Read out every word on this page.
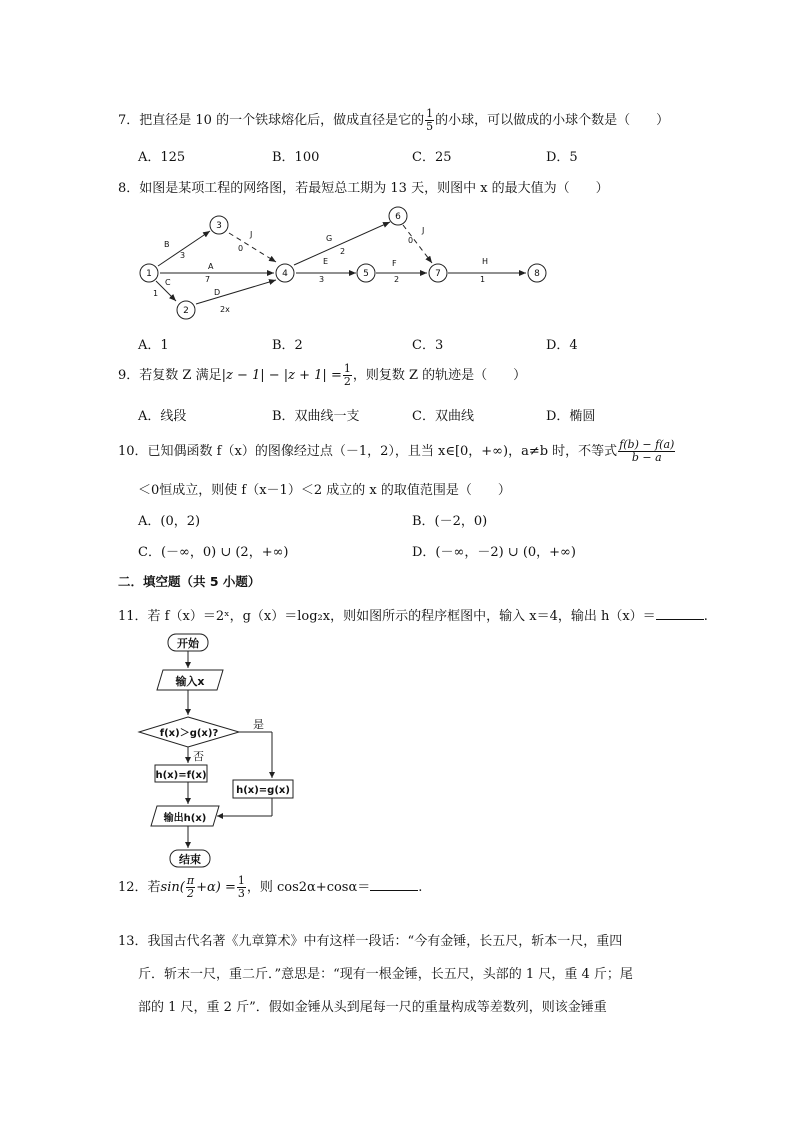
7．把直径是 10 的一个铁球熔化后，做成直径是它的 $\frac{1}{5}$ 的小球，可以做成的小球个数是（　　）
A．125	B．100	C．25	D．5
8．如图是某项工程的网络图，若最短总工期为 13 天，则图中 x 的最大值为（　　）
1
2
3
4	5
6
7	8
B
3
J
0
A
7
C
1	D
2x
G
2
E
3
F
2
J
0
H
1
A．1	B．2	C．3	D．4
9．若复数 Z 满足$|z - 1| - |z + 1| = \frac{1}{2}$ ，则复数 Z 的轨迹是（　　）
A．线段	B．双曲线一支	C．双曲线	D．椭圆
10．已知偶函数 f（x）的图像经过点（－1，2），且当 x∈[0，+∞)，a≠b 时，不等式 $\frac{f(b) - f(a)}{b - a}$
＜0恒成立，则使 f（x－1）＜2 成立的 x 的取值范围是（　　）
A．(0，2)	B．(－2，0)
C．(－∞，0) ∪ (2，+∞)	D．(－∞，－2) ∪ (0，+∞)
二．填空题（共 5 小题）
11．若 f（x）＝2ˣ，g（x）＝log₂x，则如图所示的程序框图中，输入 x＝4，输出 h（x）＝	.
开始
输入x
f(x)＞g(x)?
h(x)=f(x)
h(x)=g(x)
输出h(x)
结束
是
否
12．若$\sin( \frac{\pi}{2} +\alpha) = \frac{1}{3}$ ，则 cos2α+cosα＝	.
13．我国古代名著《九章算术》中有这样一段话：“今有金锤，长五尺，斩本一尺，重四
斤．斩末一尺，重二斤．”意思是：“现有一根金锤，长五尺，头部的 1 尺，重 4 斤；尾
部的 1 尺，重 2 斤”．假如金锤从头到尾每一尺的重量构成等差数列，则该金锤重
